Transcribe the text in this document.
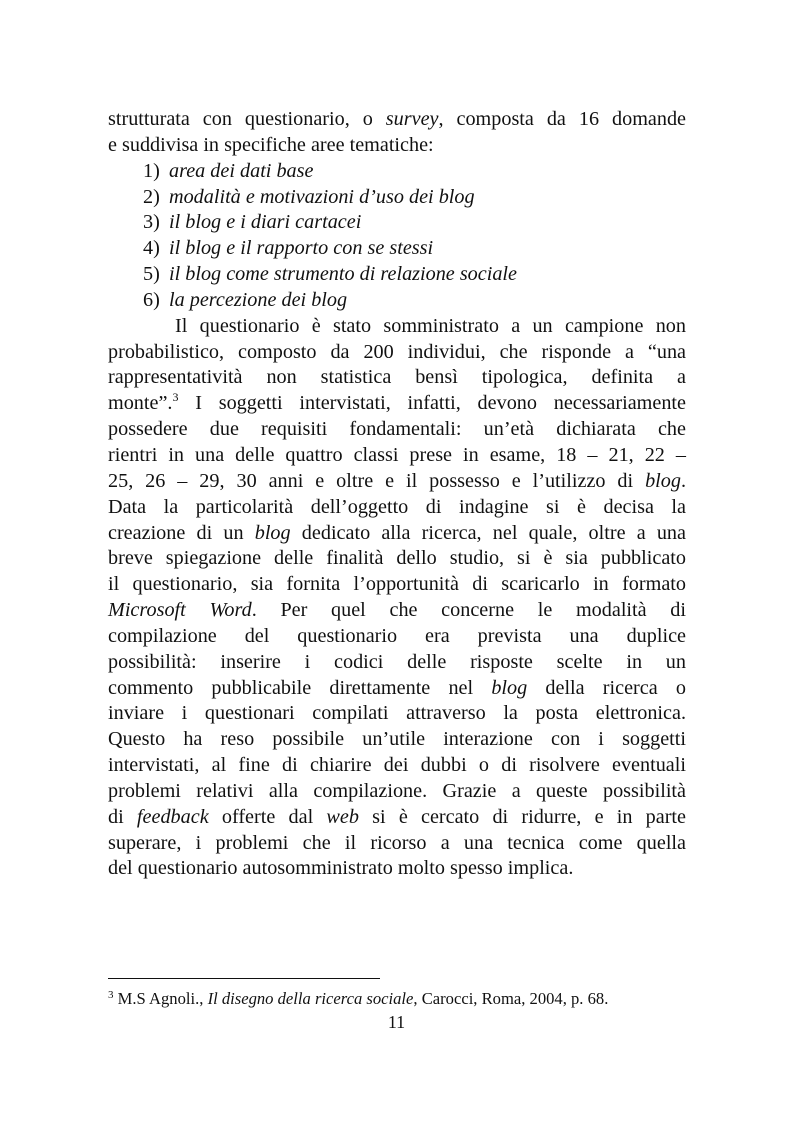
strutturata con questionario, o survey, composta da 16 domande
e suddivisa in specifiche aree tematiche:
1) area dei dati base
2) modalità e motivazioni d’uso dei blog
3) il blog e i diari cartacei
4) il blog e il rapporto con se stessi
5) il blog come strumento di relazione sociale
6) la percezione dei blog
Il questionario è stato somministrato a un campione non
probabilistico, composto da 200 individui, che risponde a “una
rappresentatività non statistica bensì tipologica, definita a
monte”.$^3$ I soggetti intervistati, infatti, devono necessariamente
possedere due requisiti fondamentali: un’età dichiarata che
rientri in una delle quattro classi prese in esame, 18 – 21, 22 –
25, 26 – 29, 30 anni e oltre e il possesso e l’utilizzo di blog.
Data la particolarità dell’oggetto di indagine si è decisa la
creazione di un blog dedicato alla ricerca, nel quale, oltre a una
breve spiegazione delle finalità dello studio, si è sia pubblicato
il questionario, sia fornita l’opportunità di scaricarlo in formato
Microsoft Word. Per quel che concerne le modalità di
compilazione del questionario era prevista una duplice
possibilità: inserire i codici delle risposte scelte in un
commento pubblicabile direttamente nel blog della ricerca o
inviare i questionari compilati attraverso la posta elettronica.
Questo ha reso possibile un’utile interazione con i soggetti
intervistati, al fine di chiarire dei dubbi o di risolvere eventuali
problemi relativi alla compilazione. Grazie a queste possibilità
di feedback offerte dal web si è cercato di ridurre, e in parte
superare, i problemi che il ricorso a una tecnica come quella
del questionario autosomministrato molto spesso implica.
$^3$ M.S Agnoli., Il disegno della ricerca sociale, Carocci, Roma, 2004, p. 68.
11
